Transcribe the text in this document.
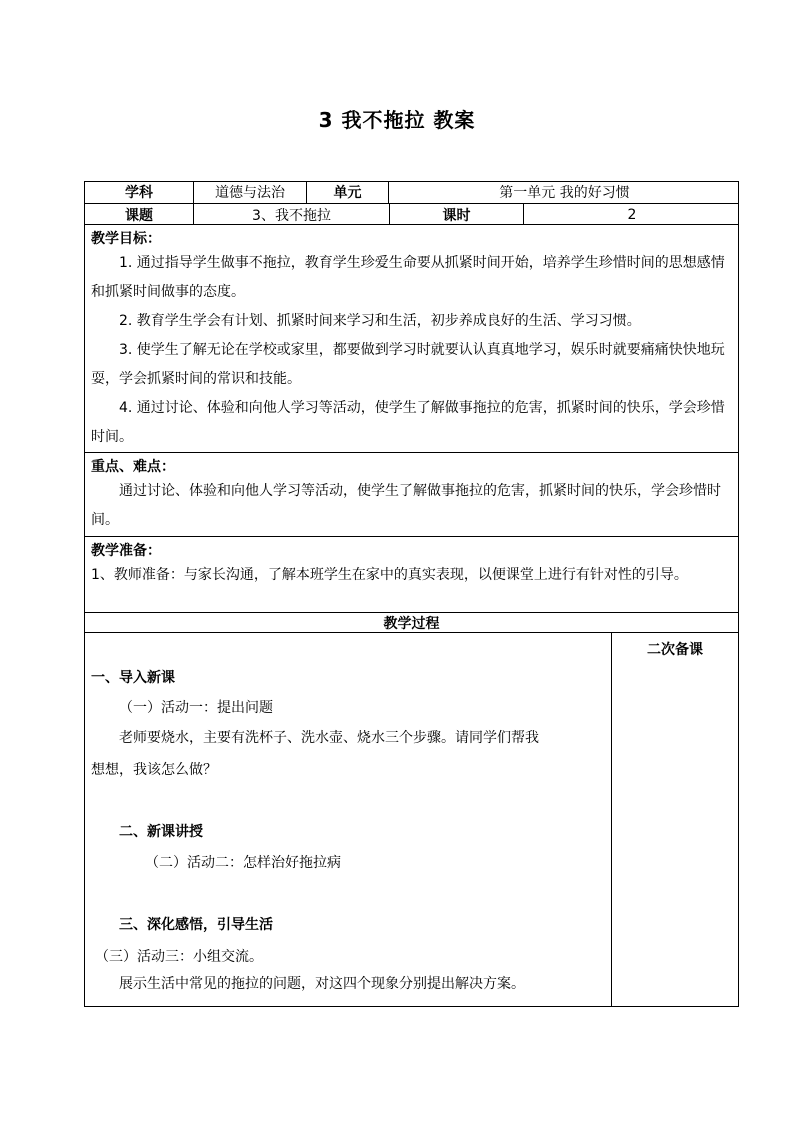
3 我不拖拉 教案
学科	道德与法治	单元	第一单元 我的好习惯
课题	3、我不拖拉	课时	2
教学目标：

1. 通过指导学生做事不拖拉，教育学生珍爱生命要从抓紧时间开始，培养学生珍惜时间的思想感情和抓紧时间做事的态度。

2. 教育学生学会有计划、抓紧时间来学习和生活，初步养成良好的生活、学习习惯。

3. 使学生了解无论在学校或家里，都要做到学习时就要认认真真地学习，娱乐时就要痛痛快快地玩耍，学会抓紧时间的常识和技能。

4. 通过讨论、体验和向他人学习等活动，使学生了解做事拖拉的危害，抓紧时间的快乐，学会珍惜时间。

重点、难点：

通过讨论、体验和向他人学习等活动，使学生了解做事拖拉的危害，抓紧时间的快乐，学会珍惜时间。

教学准备：

1、教师准备：与家长沟通，了解本班学生在家中的真实表现，以便课堂上进行有针对性的引导。

教学过程
一、导入新课
（一）活动一：提出问题
老师要烧水，主要有洗杯子、洗水壶、烧水三个步骤。请同学们帮我
想想，我该怎么做？
二、新课讲授
（二）活动二：怎样治好拖拉病
三、深化感悟，引导生活
（三）活动三：小组交流。
展示生活中常见的拖拉的问题，对这四个现象分别提出解决方案。
二次备课
